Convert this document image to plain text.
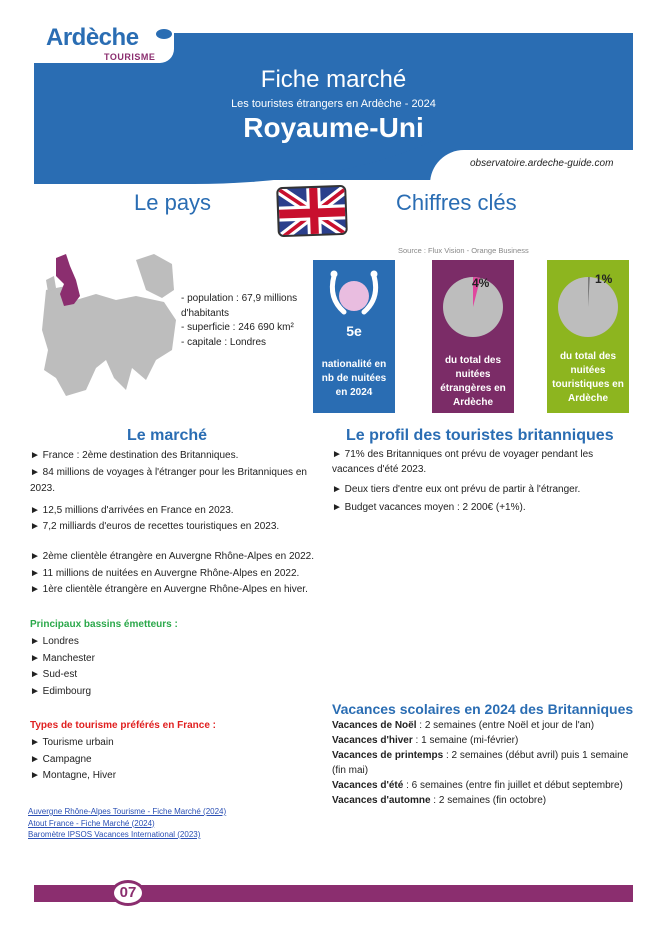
Ardèche
TOURISME
Fiche marché
Les touristes étrangers en Ardèche - 2024
Royaume-Uni
observatoire.ardeche-guide.com
Le pays	Chiffres clés
Source : Flux Vision - Orange Business
- population : 67,9 millions d'habitants
- superficie : 246 690 km²
- capitale : Londres
5e
nationalité en nb de nuitées en 2024
4%
du total des nuitées étrangères en Ardèche
1%
du total des nuitées touristiques en Ardèche
Le marché
► France : 2ème destination des Britanniques.
► 84 millions de voyages à l'étranger pour les Britanniques en 2023.
► 12,5 millions d'arrivées en France en 2023.
► 7,2 milliards d'euros de recettes touristiques en 2023.
► 2ème clientèle étrangère en Auvergne Rhône-Alpes en 2022.
► 11 millions de nuitées en Auvergne Rhône-Alpes en 2022.
► 1ère clientèle étrangère en Auvergne Rhône-Alpes en hiver.
Principaux bassins émetteurs :
► Londres
► Manchester
► Sud-est
► Edimbourg
Types de tourisme préférés en France :
► Tourisme urbain
► Campagne
► Montagne, Hiver
Auvergne Rhône-Alpes Tourisme - Fiche Marché (2024)
Atout France - Fiche Marché (2024)
Baromètre IPSOS Vacances International (2023)
Le profil des touristes britanniques
► 71% des Britanniques ont prévu de voyager pendant les vacances d'été 2023.
► Deux tiers d'entre eux ont prévu de partir à l'étranger.
► Budget vacances moyen : 2 200€ (+1%).
Vacances scolaires en 2024 des Britanniques
Vacances de Noël : 2 semaines (entre Noël et jour de l'an)
Vacances d'hiver : 1 semaine (mi-février)
Vacances de printemps : 2 semaines (début avril) puis 1 semaine (fin mai)
Vacances d'été : 6 semaines (entre fin juillet et début septembre)
Vacances d'automne : 2 semaines (fin octobre)
07
